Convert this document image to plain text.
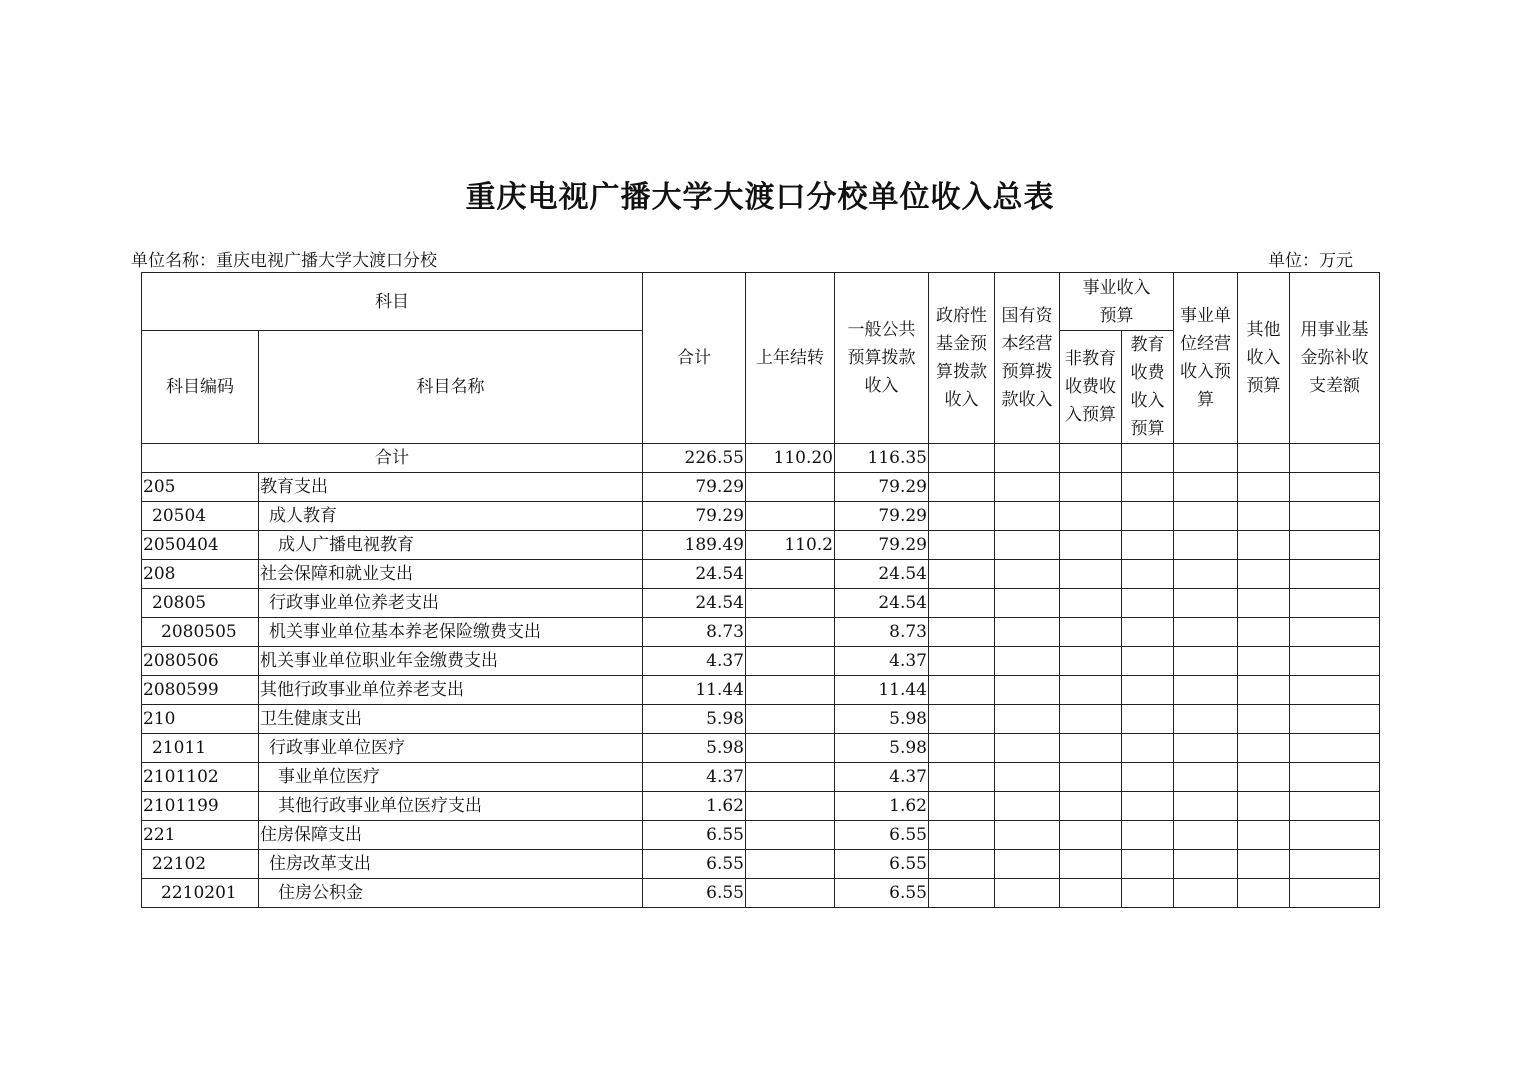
重庆电视广播大学大渡口分校单位收入总表
单位名称：重庆电视广播大学大渡口分校	单位：万元
科目		合计	上年结转	一般公共预算拨款收入	政府性基金预算拨款收入	国有资本经营预算拨款收入	事业收入预算		事业单位经营收入预算	其他收入预算	用事业基金弥补收支差额
科目编码	科目名称						非教育收费收入预算	教育收费收入预算			
合计		226.55	110.20	116.35							
205	教育支出	79.29		79.29							
20504	成人教育	79.29		79.29							
2050404	成人广播电视教育	189.49	110.2	79.29							
208	社会保障和就业支出	24.54		24.54							
20805	行政事业单位养老支出	24.54		24.54							
2080505	机关事业单位基本养老保险缴费支出	8.73		8.73							
2080506	机关事业单位职业年金缴费支出	4.37		4.37							
2080599	其他行政事业单位养老支出	11.44		11.44							
210	卫生健康支出	5.98		5.98							
21011	行政事业单位医疗	5.98		5.98							
2101102	事业单位医疗	4.37		4.37							
2101199	其他行政事业单位医疗支出	1.62		1.62							
221	住房保障支出	6.55		6.55							
22102	住房改革支出	6.55		6.55							
2210201	住房公积金	6.55		6.55							
